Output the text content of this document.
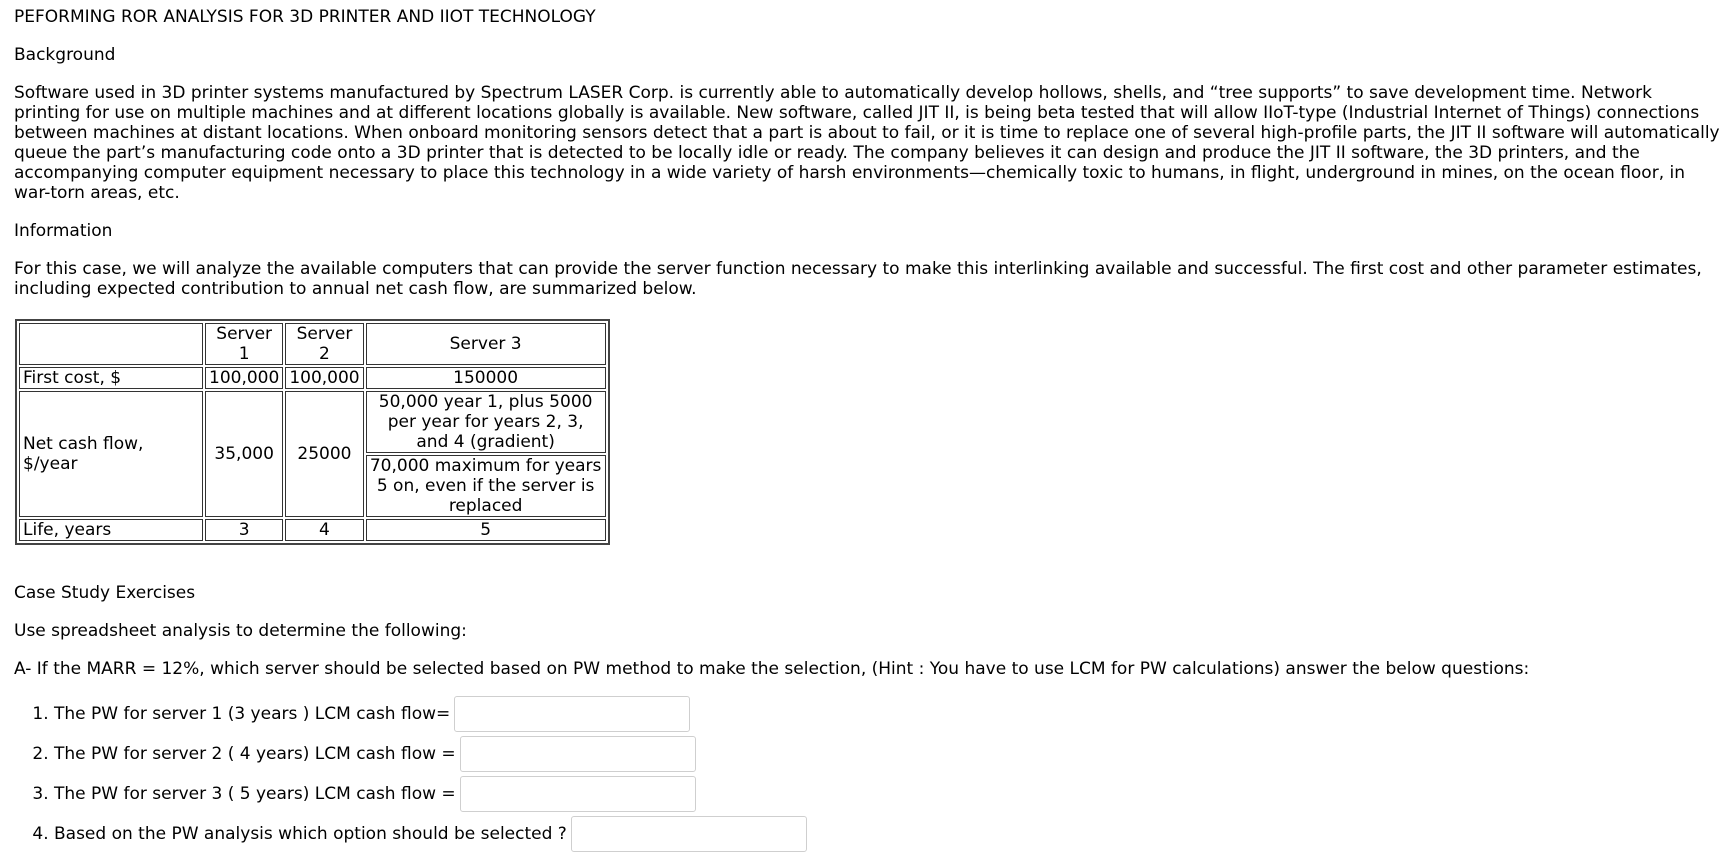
PEFORMING ROR ANALYSIS FOR 3D PRINTER AND IIOT TECHNOLOGY

Background

Software used in 3D printer systems manufactured by Spectrum LASER Corp. is currently able to automatically develop hollows, shells, and “tree supports” to save development time. Network printing for use on multiple machines and at different locations globally is available. New software, called JIT II, is being beta tested that will allow IIoT-type (Industrial Internet of Things) connections between machines at distant locations. When onboard monitoring sensors detect that a part is about to fail, or it is time to replace one of several high-profile parts, the JIT II software will automatically queue the part’s manufacturing code onto a 3D printer that is detected to be locally idle or ready. The company believes it can design and produce the JIT II software, the 3D printers, and the accompanying computer equipment necessary to place this technology in a wide variety of harsh environments—chemically toxic to humans, in flight, underground in mines, on the ocean floor, in war-torn areas, etc.

Information

For this case, we will analyze the available computers that can provide the server function necessary to make this interlinking available and successful. The first cost and other parameter estimates, including expected contribution to annual net cash flow, are summarized below.

	Server 1	Server 2	Server 3
First cost, $	100,000	100,000	150000
Net cash flow, $/year	35,000	25000	50,000 year 1, plus 5000 per year for years 2, 3, and 4 (gradient)
			70,000 maximum for years 5 on, even if the server is replaced
Life, years	3	4	5

Case Study Exercises

Use spreadsheet analysis to determine the following:

A- If the MARR = 12%, which server should be selected based on PW method to make the selection, (Hint : You have to use LCM for PW calculations) answer the below questions:

1. The PW for server 1 (3 years ) LCM cash flow=
2. The PW for server 2 ( 4 years) LCM cash flow =
3. The PW for server 3 ( 5 years) LCM cash flow =
4. Based on the PW analysis which option should be selected ?
